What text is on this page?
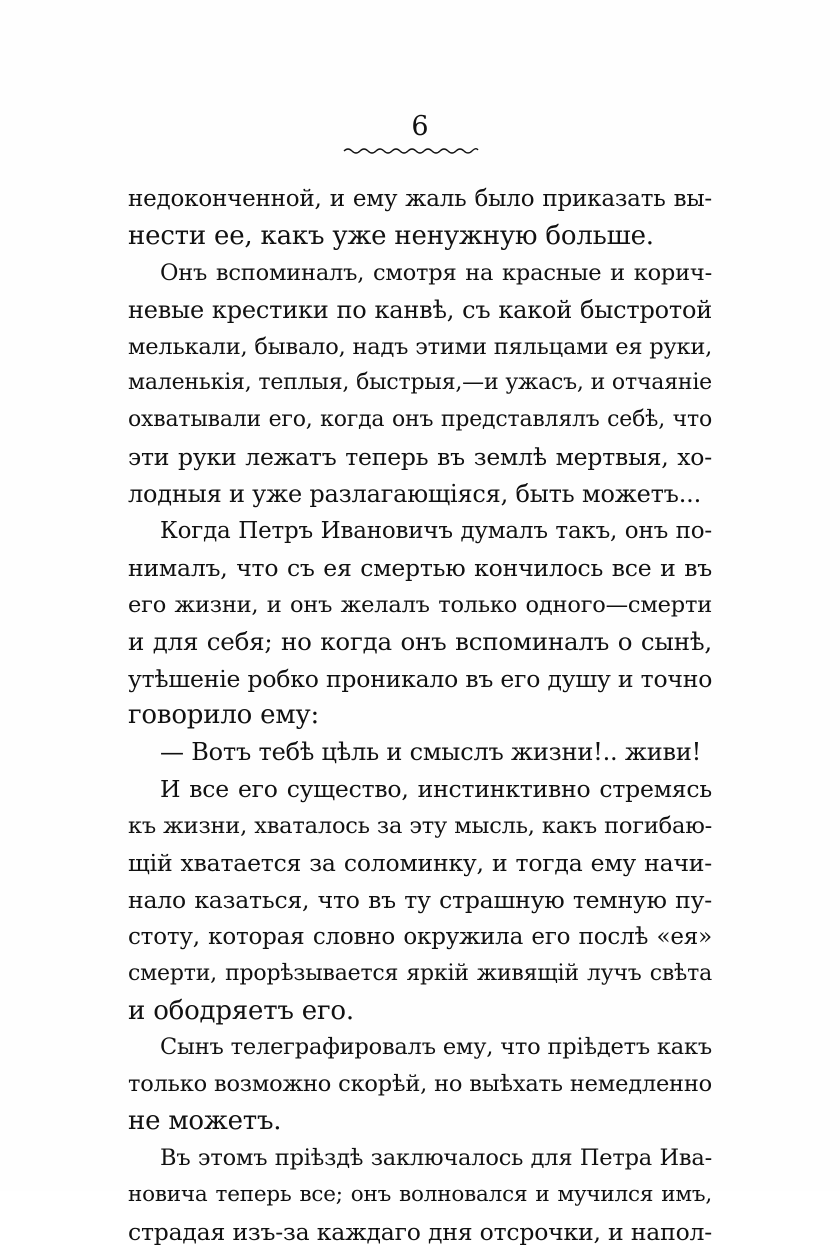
6
недоконченной, и ему жаль было приказать вы-
нести ее, какъ уже ненужную больше.
Онъ вспоминалъ, смотря на красные и корич-
невые крестики по канвѣ, съ какой быстротой
мелькали, бывало, надъ этими пяльцами ея руки,
маленькія, теплыя, быстрыя,—и ужасъ, и отчаяніе
охватывали его, когда онъ представлялъ себѣ, что
эти руки лежатъ теперь въ землѣ мертвыя, хо-
лодныя и уже разлагающіяся, быть можетъ...
Когда Петръ Ивановичъ думалъ такъ, онъ по-
нималъ, что съ ея смертью кончилось все и въ
его жизни, и онъ желалъ только одного—смерти
и для себя; но когда онъ вспоминалъ о сынѣ,
утѣшеніе робко проникало въ его душу и точно
говорило ему:
— Вотъ тебѣ цѣль и смыслъ жизни!.. живи!
И все его существо, инстинктивно стремясь
къ жизни, хваталось за эту мысль, какъ погибаю-
щій хватается за соломинку, и тогда ему начи-
нало казаться, что въ ту страшную темную пу-
стоту, которая словно окружила его послѣ «ея»
смерти, прорѣзывается яркій живящій лучъ свѣта
и ободряетъ его.
Сынъ телеграфировалъ ему, что пріѣдетъ какъ
только возможно скорѣй, но выѣхать немедленно
не можетъ.
Въ этомъ пріѣздѣ заключалось для Петра Ива-
новича теперь все; онъ волновался и мучился имъ,
страдая изъ-за каждаго дня отсрочки, и напол-
